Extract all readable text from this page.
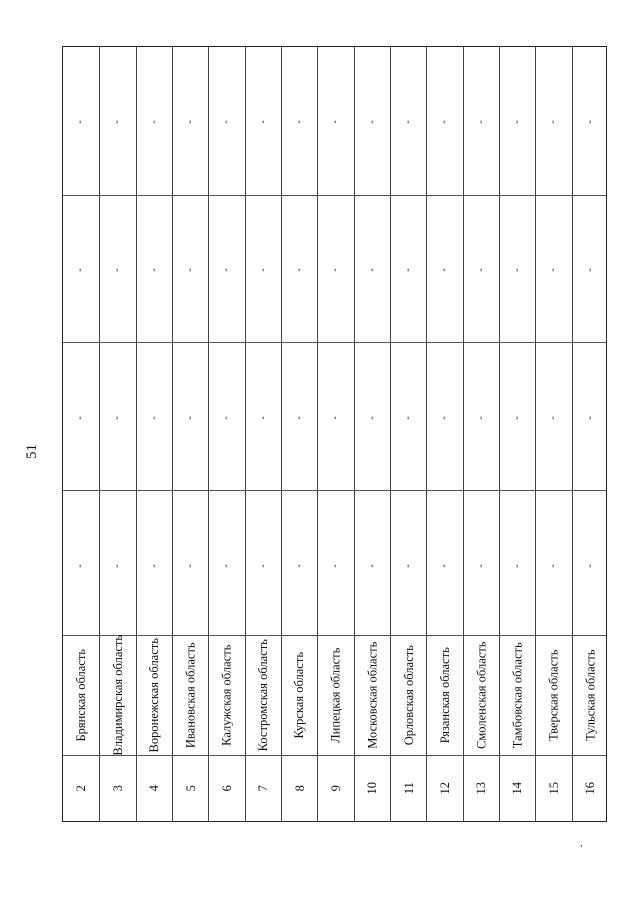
51
2
Брянская область
-
-
-
-
3
Владимирская область
-
-
-
-
4
Воронежская область
-
-
-
-
5
Ивановская область
-
-
-
-
6
Калужская область
-
-
-
-
7
Костромская область
-
-
-
-
8
Курская область
-
-
-
-
9
Липецкая область
-
-
-
-
10
Московская область
-
-
-
-
11
Орловская область
-
-
-
-
12
Рязанская область
-
-
-
-
13
Смоленская область
-
-
-
-
14
Тамбовская область
-
-
-
-
15
Тверская область
-
-
-
-
16
Тульская область
-
-
-
-
,
